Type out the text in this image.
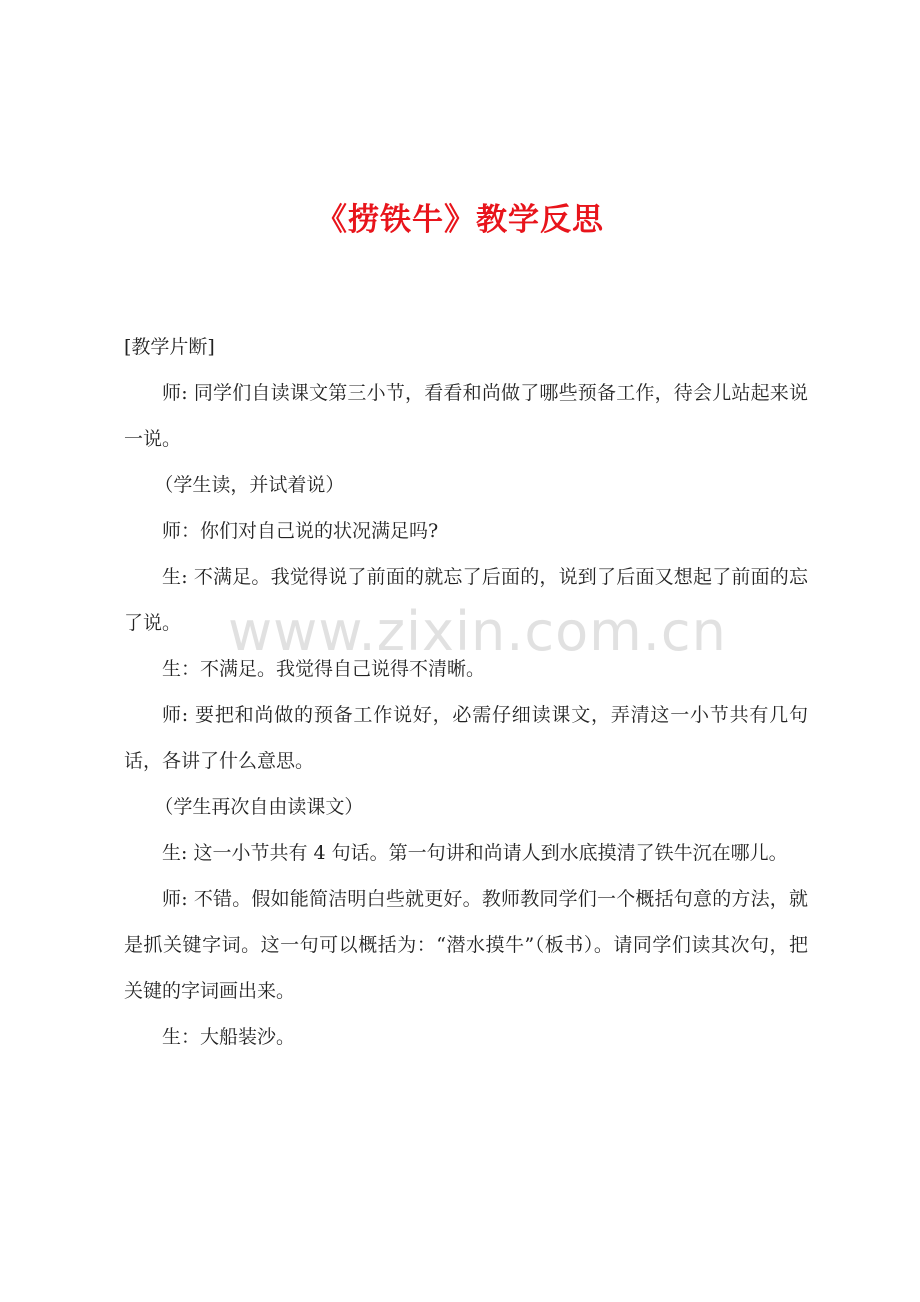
《捞铁牛》教学反思

[教学片断]

师: 同学们自读课文第三小节，看看和尚做了哪些预备工作，待会儿站起来说一说。

（学生读，并试着说）

师：你们对自己说的状况满足吗?

生: 不满足。我觉得说了前面的就忘了后面的，说到了后面又想起了前面的忘了说。

生：不满足。我觉得自己说得不清晰。

师: 要把和尚做的预备工作说好，必需仔细读课文，弄清这一小节共有几句话，各讲了什么意思。

（学生再次自由读课文）

生: 这一小节共有 4 句话。第一句讲和尚请人到水底摸清了铁牛沉在哪儿。

师: 不错。假如能简洁明白些就更好。教师教同学们一个概括句意的方法，就是抓关键字词。这一句可以概括为：“潜水摸牛”（板书）。请同学们读其次句，把关键的字词画出来。

生：大船装沙。

www.zixin.com.cn
